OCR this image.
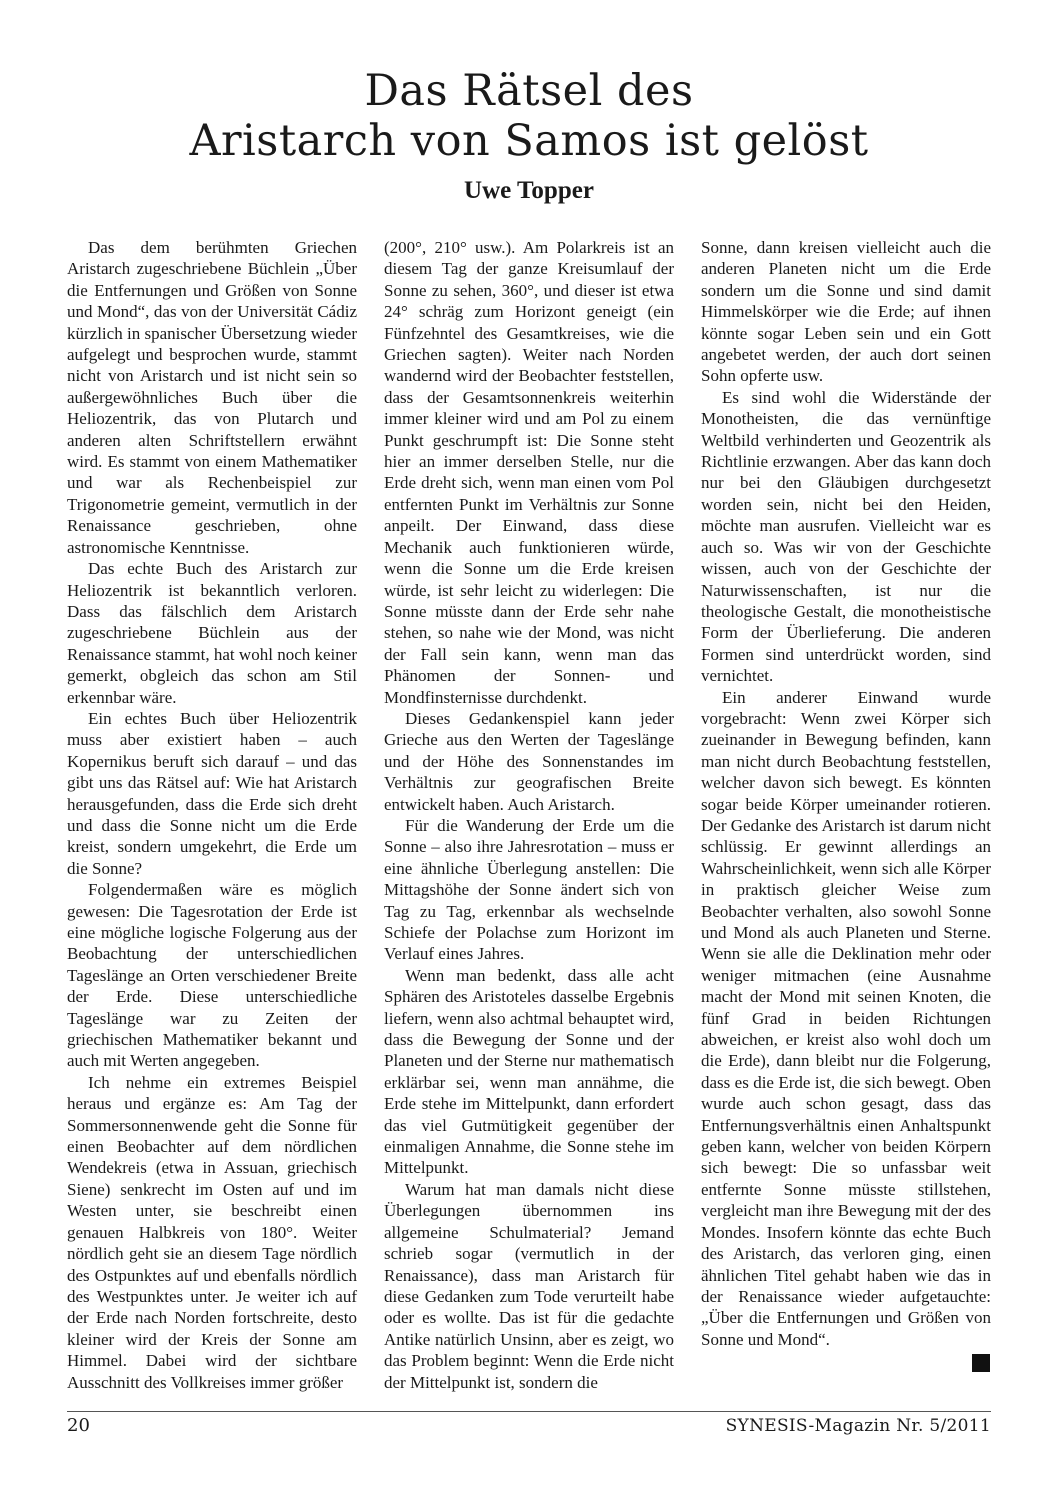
Das Rätsel des
Aristarch von Samos ist gelöst
Uwe Topper

Das dem berühmten Griechen Aristarch zugeschriebene Büchlein „Über die Entfernungen und Größen von Sonne und Mond“, das von der Universität Cádiz kürzlich in spanischer Übersetzung wieder aufgelegt und besprochen wurde, stammt nicht von Aristarch und ist nicht sein so außergewöhnliches Buch über die Heliozentrik, das von Plutarch und anderen alten Schriftstellern erwähnt wird. Es stammt von einem Mathematiker und war als Rechenbeispiel zur Trigonometrie gemeint, vermutlich in der Renaissance geschrieben, ohne astronomische Kenntnisse.

Das echte Buch des Aristarch zur Heliozentrik ist bekanntlich verloren. Dass das fälschlich dem Aristarch zugeschriebene Büchlein aus der Renaissance stammt, hat wohl noch keiner gemerkt, obgleich das schon am Stil erkennbar wäre.

Ein echtes Buch über Heliozentrik muss aber existiert haben – auch Kopernikus beruft sich darauf – und das gibt uns das Rätsel auf: Wie hat Aristarch herausgefunden, dass die Erde sich dreht und dass die Sonne nicht um die Erde kreist, sondern umgekehrt, die Erde um die Sonne?

Folgendermaßen wäre es möglich gewesen: Die Tagesrotation der Erde ist eine mögliche logische Folgerung aus der Beobachtung der unterschiedlichen Tageslänge an Orten verschiedener Breite der Erde. Diese unterschiedliche Tageslänge war zu Zeiten der griechischen Mathematiker bekannt und auch mit Werten angegeben.

Ich nehme ein extremes Beispiel heraus und ergänze es: Am Tag der Sommersonnenwende geht die Sonne für einen Beobachter auf dem nördlichen Wendekreis (etwa in Assuan, griechisch Siene) senkrecht im Osten auf und im Westen unter, sie beschreibt einen genauen Halbkreis von 180°. Weiter nördlich geht sie an diesem Tage nördlich des Ostpunktes auf und ebenfalls nördlich des Westpunktes unter. Je weiter ich auf der Erde nach Norden fortschreite, desto kleiner wird der Kreis der Sonne am Himmel. Dabei wird der sichtbare Ausschnitt des Vollkreises immer größer

(200°, 210° usw.). Am Polarkreis ist an diesem Tag der ganze Kreisumlauf der Sonne zu sehen, 360°, und dieser ist etwa 24° schräg zum Horizont geneigt (ein Fünfzehntel des Gesamtkreises, wie die Griechen sagten). Weiter nach Norden wandernd wird der Beobachter feststellen, dass der Gesamtsonnenkreis weiterhin immer kleiner wird und am Pol zu einem Punkt geschrumpft ist: Die Sonne steht hier an immer derselben Stelle, nur die Erde dreht sich, wenn man einen vom Pol entfernten Punkt im Verhältnis zur Sonne anpeilt. Der Einwand, dass diese Mechanik auch funktionieren würde, wenn die Sonne um die Erde kreisen würde, ist sehr leicht zu widerlegen: Die Sonne müsste dann der Erde sehr nahe stehen, so nahe wie der Mond, was nicht der Fall sein kann, wenn man das Phänomen der Sonnen- und Mondfinsternisse durchdenkt.

Dieses Gedankenspiel kann jeder Grieche aus den Werten der Tageslänge und der Höhe des Sonnenstandes im Verhältnis zur geografischen Breite entwickelt haben. Auch Aristarch.

Für die Wanderung der Erde um die Sonne – also ihre Jahresrotation – muss er eine ähnliche Überlegung anstellen: Die Mittagshöhe der Sonne ändert sich von Tag zu Tag, erkennbar als wechselnde Schiefe der Polachse zum Horizont im Verlauf eines Jahres.

Wenn man bedenkt, dass alle acht Sphären des Aristoteles dasselbe Ergebnis liefern, wenn also achtmal behauptet wird, dass die Bewegung der Sonne und der Planeten und der Sterne nur mathematisch erklärbar sei, wenn man annähme, die Erde stehe im Mittelpunkt, dann erfordert das viel Gutmütigkeit gegenüber der einmaligen Annahme, die Sonne stehe im Mittelpunkt.

Warum hat man damals nicht diese Überlegungen übernommen ins allgemeine Schulmaterial? Jemand schrieb sogar (vermutlich in der Renaissance), dass man Aristarch für diese Gedanken zum Tode verurteilt habe oder es wollte. Das ist für die gedachte Antike natürlich Unsinn, aber es zeigt, wo das Problem beginnt: Wenn die Erde nicht der Mittelpunkt ist, sondern die

Sonne, dann kreisen vielleicht auch die anderen Planeten nicht um die Erde sondern um die Sonne und sind damit Himmelskörper wie die Erde; auf ihnen könnte sogar Leben sein und ein Gott angebetet werden, der auch dort seinen Sohn opferte usw.

Es sind wohl die Widerstände der Monotheisten, die das vernünftige Weltbild verhinderten und Geozentrik als Richtlinie erzwangen. Aber das kann doch nur bei den Gläubigen durchgesetzt worden sein, nicht bei den Heiden, möchte man ausrufen. Vielleicht war es auch so. Was wir von der Geschichte wissen, auch von der Geschichte der Naturwissenschaften, ist nur die theologische Gestalt, die monotheistische Form der Überlieferung. Die anderen Formen sind unterdrückt worden, sind vernichtet.

Ein anderer Einwand wurde vorgebracht: Wenn zwei Körper sich zueinander in Bewegung befinden, kann man nicht durch Beobachtung feststellen, welcher davon sich bewegt. Es könnten sogar beide Körper umeinander rotieren. Der Gedanke des Aristarch ist darum nicht schlüssig. Er gewinnt allerdings an Wahrscheinlichkeit, wenn sich alle Körper in praktisch gleicher Weise zum Beobachter verhalten, also sowohl Sonne und Mond als auch Planeten und Sterne. Wenn sie alle die Deklination mehr oder weniger mitmachen (eine Ausnahme macht der Mond mit seinen Knoten, die fünf Grad in beiden Richtungen abweichen, er kreist also wohl doch um die Erde), dann bleibt nur die Folgerung, dass es die Erde ist, die sich bewegt. Oben wurde auch schon gesagt, dass das Entfernungsverhältnis einen Anhaltspunkt geben kann, welcher von beiden Körpern sich bewegt: Die so unfassbar weit entfernte Sonne müsste stillstehen, vergleicht man ihre Bewegung mit der des Mondes. Insofern könnte das echte Buch des Aristarch, das verloren ging, einen ähnlichen Titel gehabt haben wie das in der Renaissance wieder aufgetauchte: „Über die Entfernungen und Größen von Sonne und Mond“.

20	SYNESIS-Magazin Nr. 5/2011
